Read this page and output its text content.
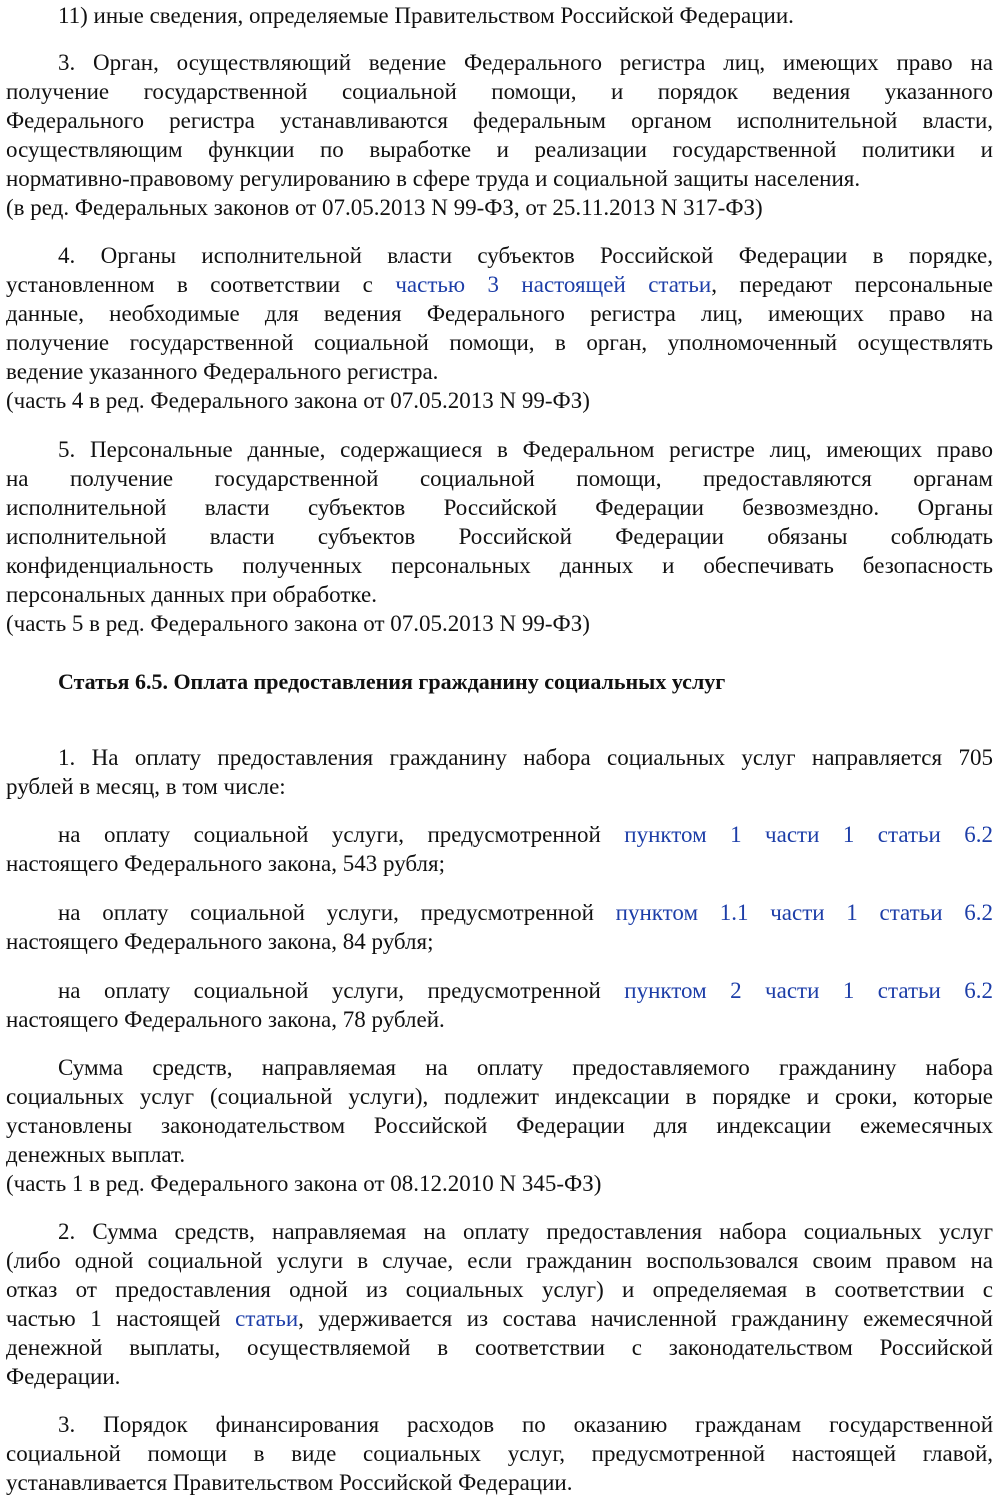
11) иные сведения, определяемые Правительством Российской Федерации.
3. Орган, осуществляющий ведение Федерального регистра лиц, имеющих право на
получение государственной социальной помощи, и порядок ведения указанного
Федерального регистра устанавливаются федеральным органом исполнительной власти,
осуществляющим функции по выработке и реализации государственной политики и
нормативно-правовому регулированию в сфере труда и социальной защиты населения.
(в ред. Федеральных законов от 07.05.2013 N 99-ФЗ, от 25.11.2013 N 317-ФЗ)
4. Органы исполнительной власти субъектов Российской Федерации в порядке,
установленном в соответствии с частью 3 настоящей статьи, передают персональные
данные, необходимые для ведения Федерального регистра лиц, имеющих право на
получение государственной социальной помощи, в орган, уполномоченный осуществлять
ведение указанного Федерального регистра.
(часть 4 в ред. Федерального закона от 07.05.2013 N 99-ФЗ)
5. Персональные данные, содержащиеся в Федеральном регистре лиц, имеющих право
на получение государственной социальной помощи, предоставляются органам
исполнительной власти субъектов Российской Федерации безвозмездно. Органы
исполнительной власти субъектов Российской Федерации обязаны соблюдать
конфиденциальность полученных персональных данных и обеспечивать безопасность
персональных данных при обработке.
(часть 5 в ред. Федерального закона от 07.05.2013 N 99-ФЗ)
Статья 6.5. Оплата предоставления гражданину социальных услуг
1. На оплату предоставления гражданину набора социальных услуг направляется 705
рублей в месяц, в том числе:
на оплату социальной услуги, предусмотренной пунктом 1 части 1 статьи 6.2
настоящего Федерального закона, 543 рубля;
на оплату социальной услуги, предусмотренной пунктом 1.1 части 1 статьи 6.2
настоящего Федерального закона, 84 рубля;
на оплату социальной услуги, предусмотренной пунктом 2 части 1 статьи 6.2
настоящего Федерального закона, 78 рублей.
Сумма средств, направляемая на оплату предоставляемого гражданину набора
социальных услуг (социальной услуги), подлежит индексации в порядке и сроки, которые
установлены законодательством Российской Федерации для индексации ежемесячных
денежных выплат.
(часть 1 в ред. Федерального закона от 08.12.2010 N 345-ФЗ)
2. Сумма средств, направляемая на оплату предоставления набора социальных услуг
(либо одной социальной услуги в случае, если гражданин воспользовался своим правом на
отказ от предоставления одной из социальных услуг) и определяемая в соответствии с
частью 1 настоящей статьи, удерживается из состава начисленной гражданину ежемесячной
денежной выплаты, осуществляемой в соответствии с законодательством Российской
Федерации.
3. Порядок финансирования расходов по оказанию гражданам государственной
социальной помощи в виде социальных услуг, предусмотренной настоящей главой,
устанавливается Правительством Российской Федерации.
